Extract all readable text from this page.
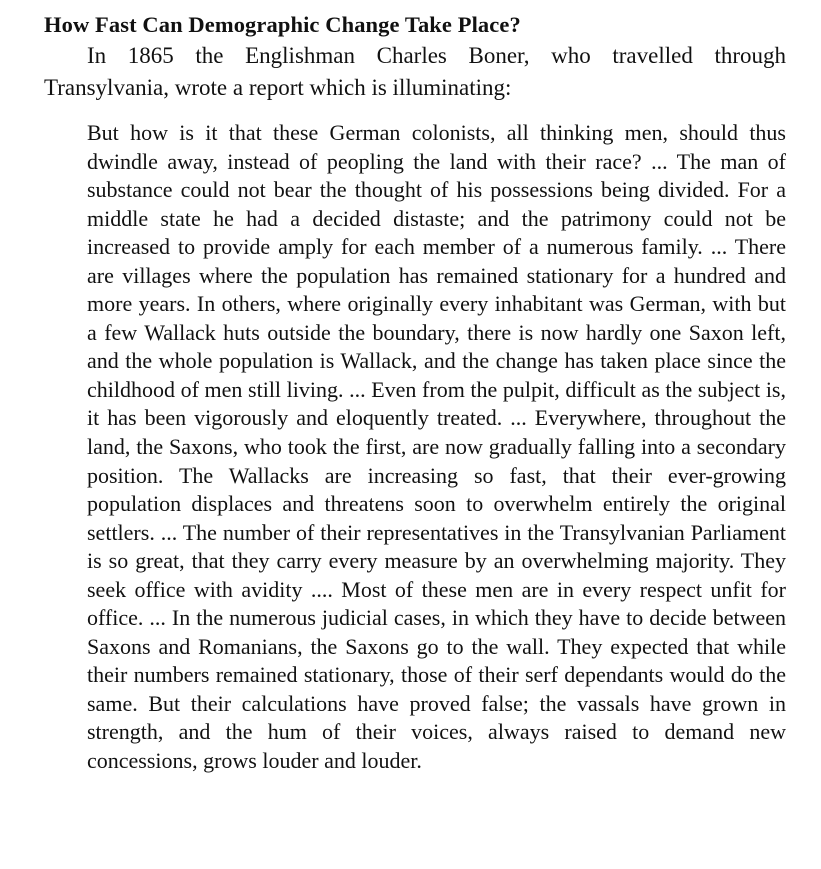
How Fast Can Demographic Change Take Place?

In 1865 the Englishman Charles Boner, who travelled through Transylvania, wrote a report which is illuminating:

But how is it that these German colonists, all thinking men, should thus dwindle away, instead of peopling the land with their race? ... The man of substance could not bear the thought of his possessions being divided. For a middle state he had a decided distaste; and the patrimony could not be increased to provide amply for each member of a numerous family. ... There are villages where the population has remained stationary for a hundred and more years. In others, where originally every inhabitant was German, with but a few Wallack huts outside the boundary, there is now hardly one Saxon left, and the whole population is Wallack, and the change has taken place since the childhood of men still living. ... Even from the pulpit, difficult as the subject is, it has been vigorously and eloquently treated. ... Everywhere, throughout the land, the Saxons, who took the first, are now gradually falling into a secondary position. The Wallacks are increasing so fast, that their ever-growing population displaces and threatens soon to overwhelm entirely the original settlers. ... The number of their representatives in the Transylvanian Parliament is so great, that they carry every measure by an overwhelming majority. They seek office with avidity .... Most of these men are in every respect unfit for office. ... In the numerous judicial cases, in which they have to decide between Saxons and Romanians, the Saxons go to the wall. They expected that while their numbers remained stationary, those of their serf dependants would do the same. But their calculations have proved false; the vassals have grown in strength, and the hum of their voices, always raised to demand new concessions, grows louder and louder.
